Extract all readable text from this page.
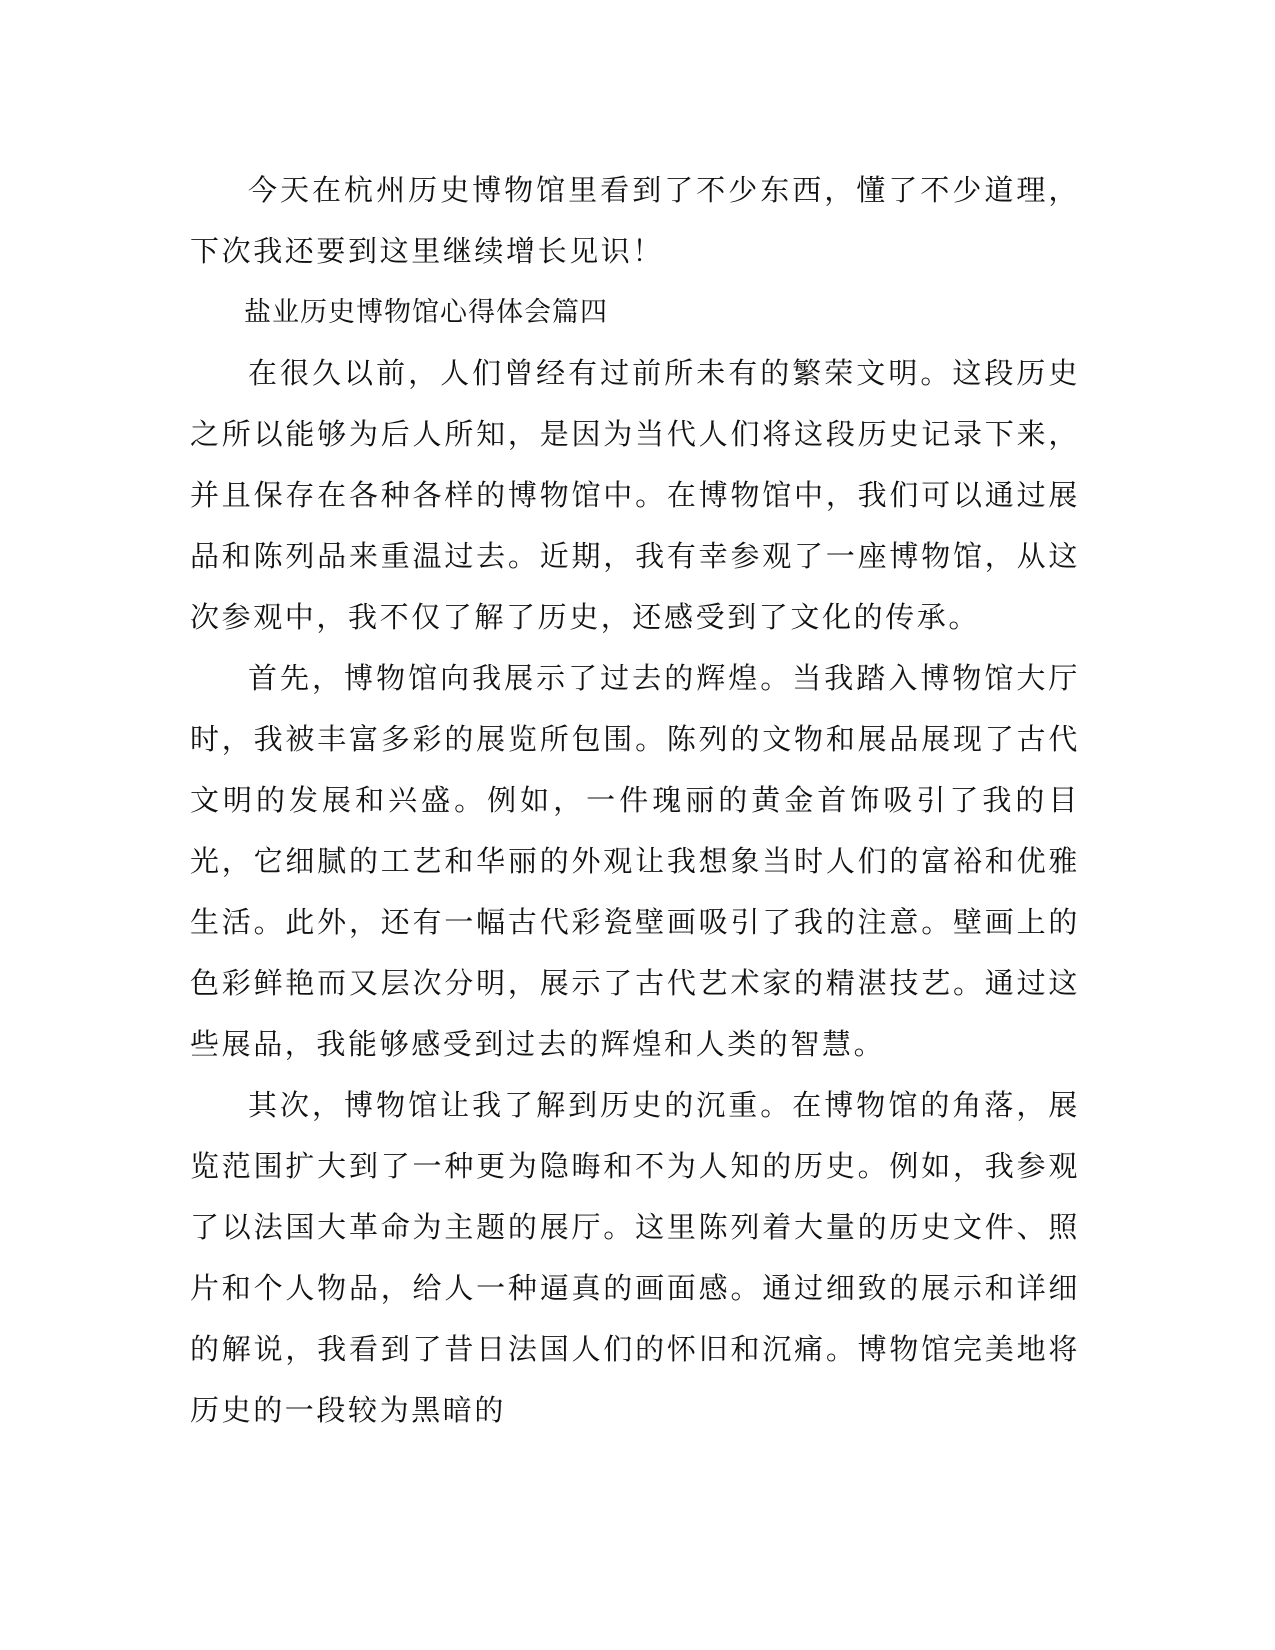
今天在杭州历史博物馆里看到了不少东西，懂了不少道理，下次我还要到这里继续增长见识！

盐业历史博物馆心得体会篇四

在很久以前，人们曾经有过前所未有的繁荣文明。这段历史之所以能够为后人所知，是因为当代人们将这段历史记录下来，并且保存在各种各样的博物馆中。在博物馆中，我们可以通过展品和陈列品来重温过去。近期，我有幸参观了一座博物馆，从这次参观中，我不仅了解了历史，还感受到了文化的传承。

首先，博物馆向我展示了过去的辉煌。当我踏入博物馆大厅时，我被丰富多彩的展览所包围。陈列的文物和展品展现了古代文明的发展和兴盛。例如，一件瑰丽的黄金首饰吸引了我的目光，它细腻的工艺和华丽的外观让我想象当时人们的富裕和优雅生活。此外，还有一幅古代彩瓷壁画吸引了我的注意。壁画上的色彩鲜艳而又层次分明，展示了古代艺术家的精湛技艺。通过这些展品，我能够感受到过去的辉煌和人类的智慧。

其次，博物馆让我了解到历史的沉重。在博物馆的角落，展览范围扩大到了一种更为隐晦和不为人知的历史。例如，我参观了以法国大革命为主题的展厅。这里陈列着大量的历史文件、照片和个人物品，给人一种逼真的画面感。通过细致的展示和详细的解说，我看到了昔日法国人们的怀旧和沉痛。博物馆完美地将历史的一段较为黑暗的
